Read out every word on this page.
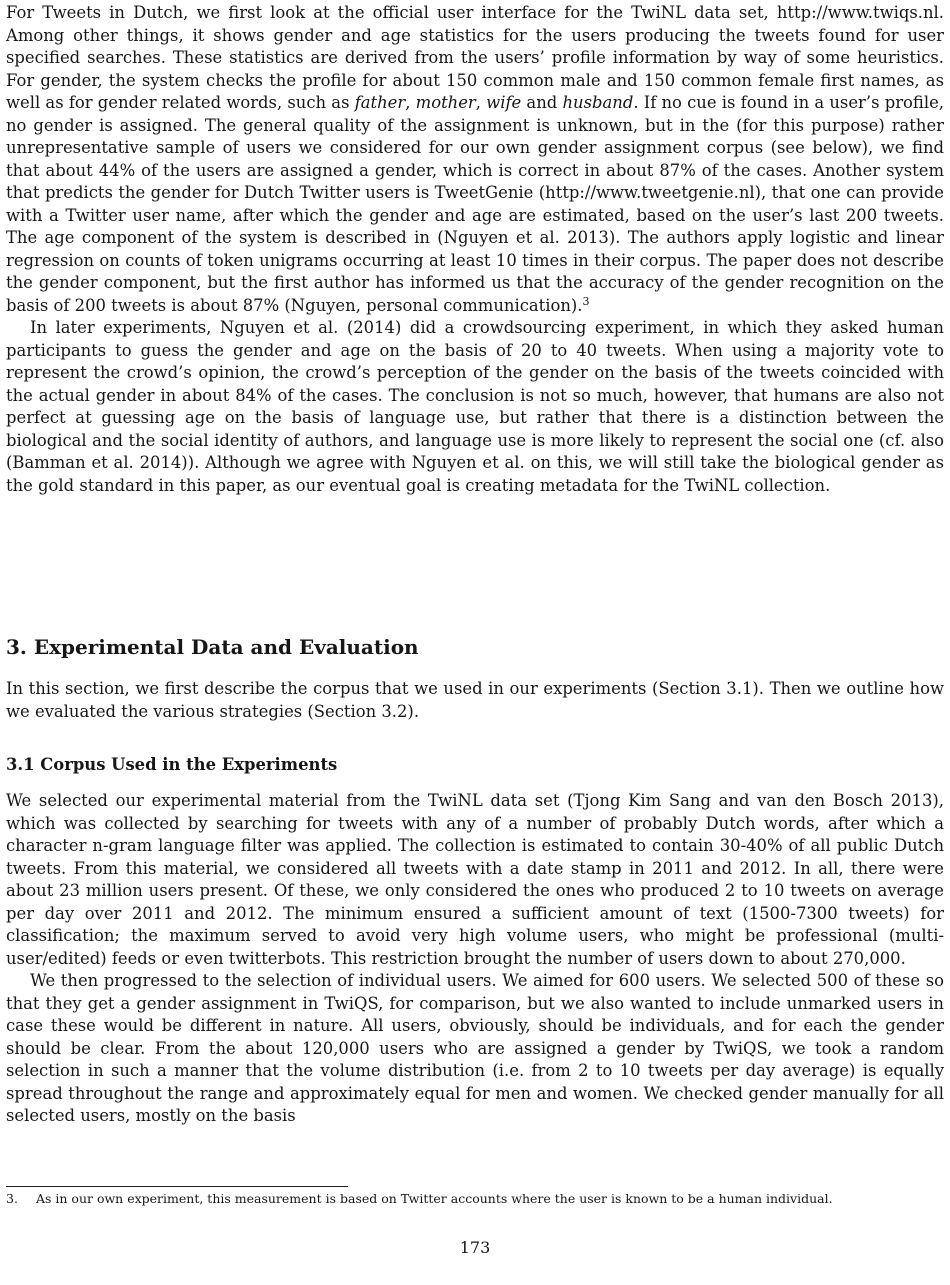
For Tweets in Dutch, we first look at the official user interface for the TwiNL data set, http://www.twiqs.nl. Among other things, it shows gender and age statistics for the users producing the tweets found for user specified searches. These statistics are derived from the users’ profile information by way of some heuristics. For gender, the system checks the profile for about 150 common male and 150 common female first names, as well as for gender related words, such as father, mother, wife and husband. If no cue is found in a user’s profile, no gender is assigned. The general quality of the assignment is unknown, but in the (for this purpose) rather unrepresentative sample of users we considered for our own gender assignment corpus (see below), we find that about 44% of the users are assigned a gender, which is correct in about 87% of the cases. Another system that predicts the gender for Dutch Twitter users is TweetGenie (http://www.tweetgenie.nl), that one can provide with a Twitter user name, after which the gender and age are estimated, based on the user’s last 200 tweets. The age component of the system is described in (Nguyen et al. 2013). The authors apply logistic and linear regression on counts of token unigrams occurring at least 10 times in their corpus. The paper does not describe the gender component, but the first author has informed us that the accuracy of the gender recognition on the basis of 200 tweets is about 87% (Nguyen, personal communication).$^3$

In later experiments, Nguyen et al. (2014) did a crowdsourcing experiment, in which they asked human participants to guess the gender and age on the basis of 20 to 40 tweets. When using a majority vote to represent the crowd’s opinion, the crowd’s perception of the gender on the basis of the tweets coincided with the actual gender in about 84% of the cases. The conclusion is not so much, however, that humans are also not perfect at guessing age on the basis of language use, but rather that there is a distinction between the biological and the social identity of authors, and language use is more likely to represent the social one (cf. also (Bamman et al. 2014)). Although we agree with Nguyen et al. on this, we will still take the biological gender as the gold standard in this paper, as our eventual goal is creating metadata for the TwiNL collection.

3. Experimental Data and Evaluation

In this section, we first describe the corpus that we used in our experiments (Section 3.1). Then we outline how we evaluated the various strategies (Section 3.2).

3.1 Corpus Used in the Experiments

We selected our experimental material from the TwiNL data set (Tjong Kim Sang and van den Bosch 2013), which was collected by searching for tweets with any of a number of probably Dutch words, after which a character n-gram language filter was applied. The collection is estimated to contain 30-40% of all public Dutch tweets. From this material, we considered all tweets with a date stamp in 2011 and 2012. In all, there were about 23 million users present. Of these, we only considered the ones who produced 2 to 10 tweets on average per day over 2011 and 2012. The minimum ensured a sufficient amount of text (1500-7300 tweets) for classification; the maximum served to avoid very high volume users, who might be professional (multi-user/edited) feeds or even twitterbots. This restriction brought the number of users down to about 270,000.

We then progressed to the selection of individual users. We aimed for 600 users. We selected 500 of these so that they get a gender assignment in TwiQS, for comparison, but we also wanted to include unmarked users in case these would be different in nature. All users, obviously, should be individuals, and for each the gender should be clear. From the about 120,000 users who are assigned a gender by TwiQS, we took a random selection in such a manner that the volume distribution (i.e. from 2 to 10 tweets per day average) is equally spread throughout the range and approximately equal for men and women. We checked gender manually for all selected users, mostly on the basis

3. As in our own experiment, this measurement is based on Twitter accounts where the user is known to be a human individual.

173
